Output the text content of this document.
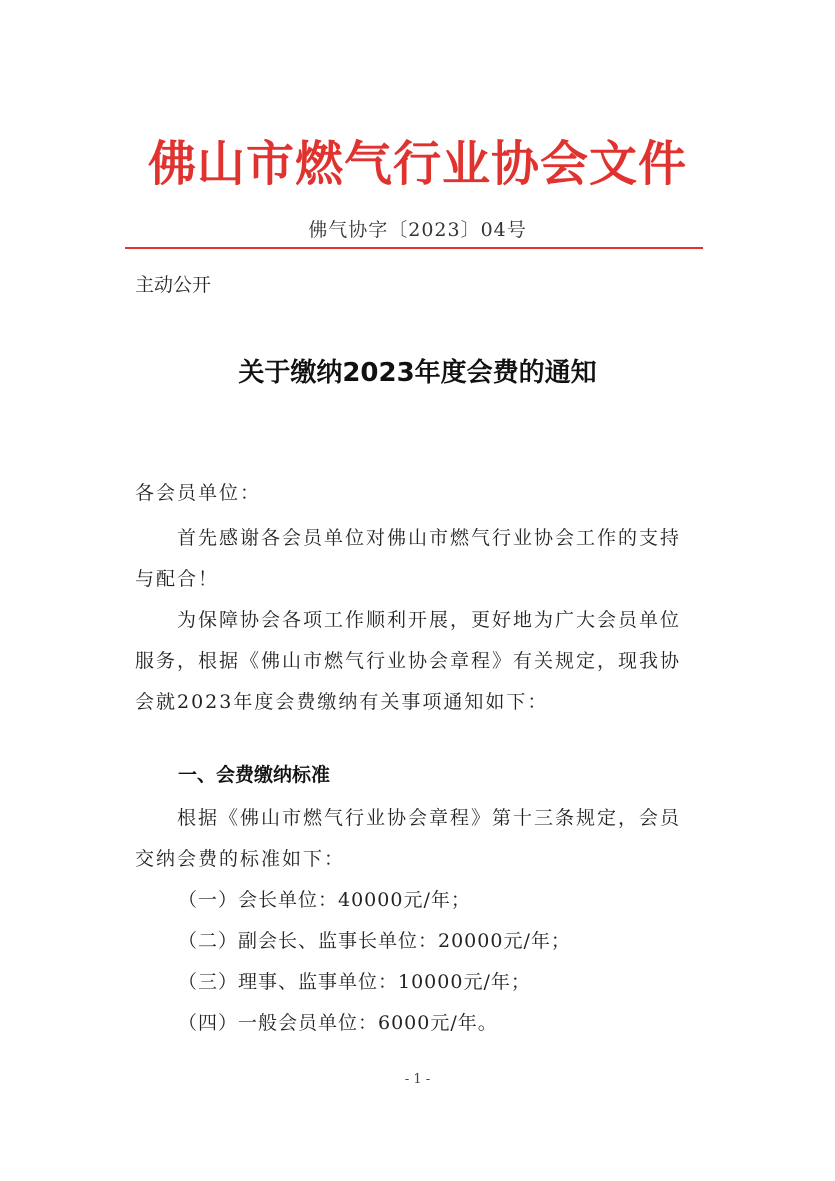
佛山市燃气行业协会文件
佛气协字〔2023〕04号
主动公开
关于缴纳2023年度会费的通知
各会员单位：
首先感谢各会员单位对佛山市燃气行业协会工作的支持与配合！
为保障协会各项工作顺利开展，更好地为广大会员单位服务，根据《佛山市燃气行业协会章程》有关规定，现我协会就2023年度会费缴纳有关事项通知如下：
一、会费缴纳标准
根据《佛山市燃气行业协会章程》第十三条规定，会员交纳会费的标准如下：
（一）会长单位：40000元/年；
（二）副会长、监事长单位：20000元/年；
（三）理事、监事单位：10000元/年；
（四）一般会员单位：6000元/年。
- 1 -
